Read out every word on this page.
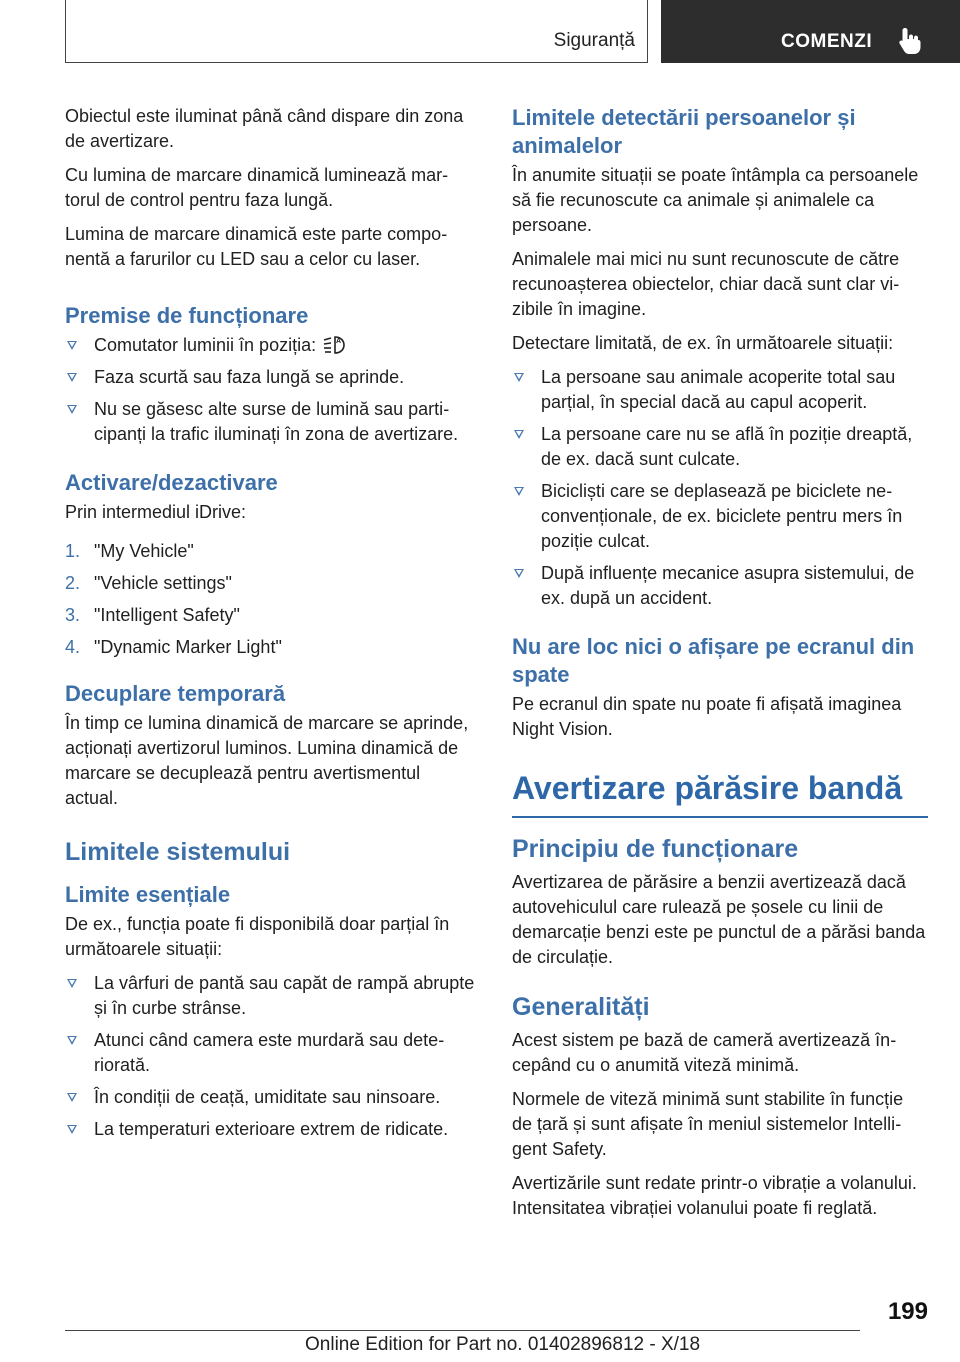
Siguranță	COMENZI

Obiectul este iluminat până când dispare din zona de avertizare.

Cu lumina de marcare dinamică luminează martorul de control pentru faza lungă.

Lumina de marcare dinamică este parte componentă a farurilor cu LED sau a celor cu laser.

Premise de funcționare
Comutator luminii în poziția:	A
Faza scurtă sau faza lungă se aprinde.
Nu se găsesc alte surse de lumină sau participanți la trafic iluminați în zona de avertizare.
Activare/dezactivare

Prin intermediul iDrive:

1. "My Vehicle"
2. "Vehicle settings"
3. "Intelligent Safety"
4. "Dynamic Marker Light"
Decuplare temporară

În timp ce lumina dinamică de marcare se aprinde, acționați avertizorul luminos. Lumina dinamică de marcare se decuplează pentru avertismentul actual.

Limitele sistemului
Limite esențiale

De ex., funcția poate fi disponibilă doar parțial în următoarele situații:

La vârfuri de pantă sau capăt de rampă abrupte și în curbe strânse.
Atunci când camera este murdară sau deteriorată.
În condiții de ceață, umiditate sau ninsoare.
La temperaturi exterioare extrem de ridicate.
Limitele detectării persoanelor și animalelor

În anumite situații se poate întâmpla ca persoanele să fie recunoscute ca animale și animalele ca persoane.

Animalele mai mici nu sunt recunoscute de către recunoașterea obiectelor, chiar dacă sunt clar vizibile în imagine.

Detectare limitată, de ex. în următoarele situații:

La persoane sau animale acoperite total sau parțial, în special dacă au capul acoperit.
La persoane care nu se află în poziție dreaptă, de ex. dacă sunt culcate.
Bicicliști care se deplasează pe biciclete neconvenționale, de ex. biciclete pentru mers în poziție culcat.
După influențe mecanice asupra sistemului, de ex. după un accident.
Nu are loc nici o afișare pe ecranul din spate

Pe ecranul din spate nu poate fi afișată imaginea Night Vision.

Avertizare părăsire bandă
Principiu de funcționare

Avertizarea de părăsire a benzii avertizează dacă autovehiculul care rulează pe șosele cu linii de demarcație benzi este pe punctul de a părăsi banda de circulație.

Generalități

Acest sistem pe bază de cameră avertizează începând cu o anumită viteză minimă.

Normele de viteză minimă sunt stabilite în funcție de țară și sunt afișate în meniul sistemelor Intelligent Safety.

Avertizările sunt redate printr-o vibrație a volanului. Intensitatea vibrației volanului poate fi reglată.

199
Online Edition for Part no. 01402896812 - X/18
